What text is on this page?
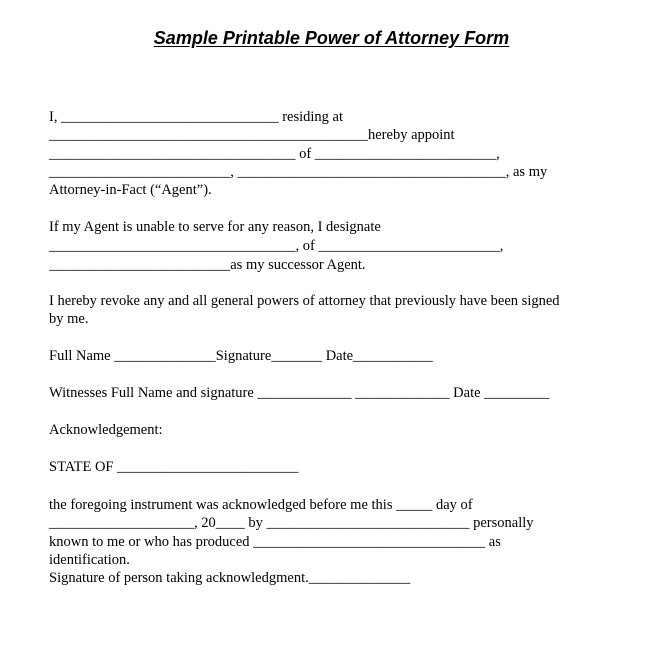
Sample Printable Power of Attorney Form
I, ______________________________ residing at
____________________________________________hereby appoint
__________________________________ of _________________________,
_________________________, _____________________________________, as my
Attorney-in-Fact (“Agent”).
If my Agent is unable to serve for any reason, I designate
__________________________________, of _________________________,
_________________________as my successor Agent.
I hereby revoke any and all general powers of attorney that previously have been signed
by me.
Full Name ______________Signature_______ Date___________
Witnesses Full Name and signature _____________ _____________ Date _________
Acknowledgement:
STATE OF _________________________
the foregoing instrument was acknowledged before me this _____ day of
____________________, 20____ by ____________________________ personally
known to me or who has produced ________________________________ as
identification.
Signature of person taking acknowledgment.______________
